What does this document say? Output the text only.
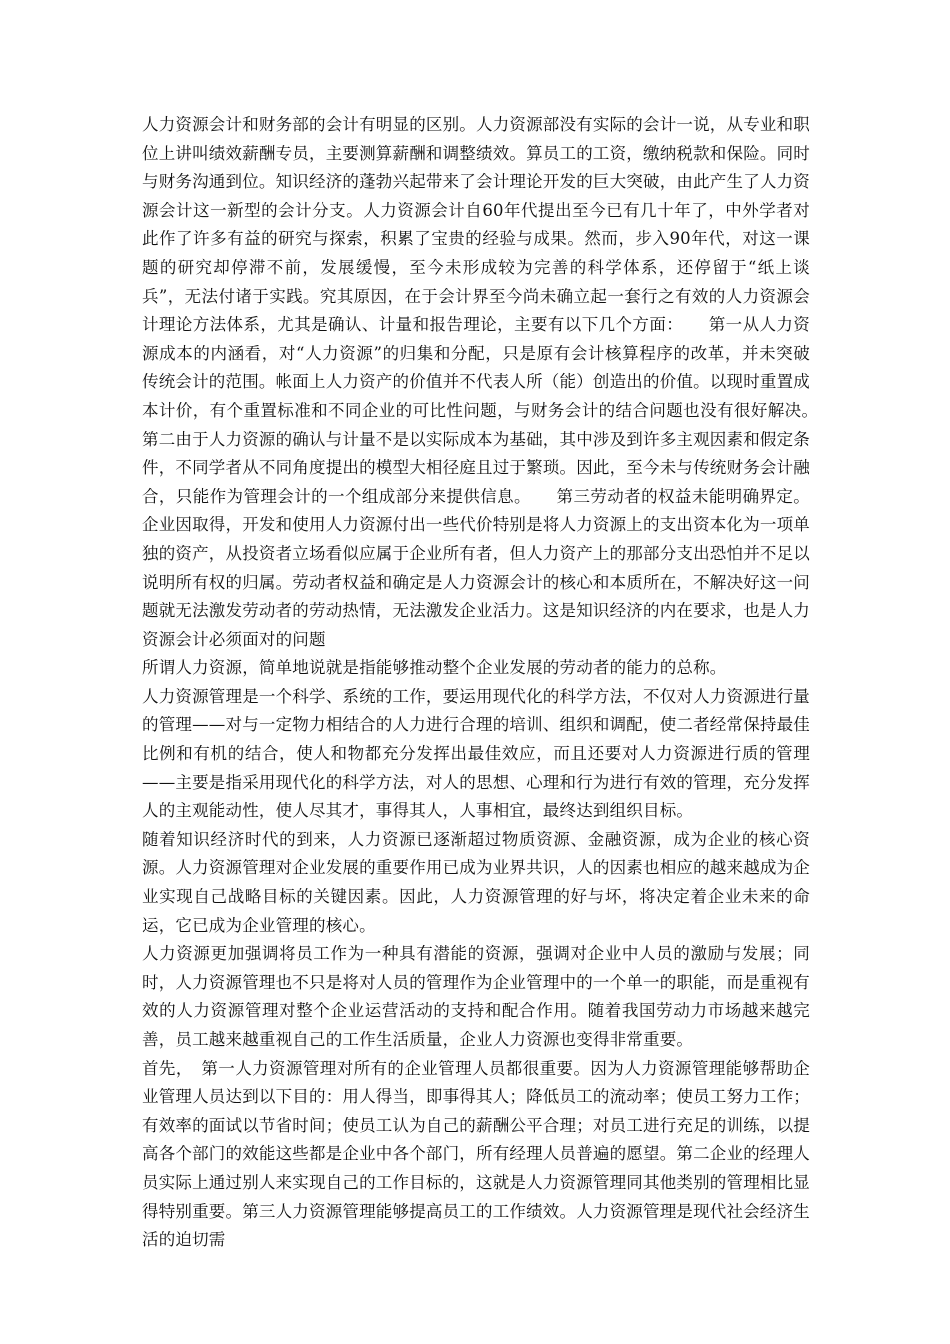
人力资源会计和财务部的会计有明显的区别。人力资源部没有实际的会计一说，从专业和职位上讲叫绩效薪酬专员，主要测算薪酬和调整绩效。算员工的工资，缴纳税款和保险。同时与财务沟通到位。知识经济的蓬勃兴起带来了会计理论开发的巨大突破，由此产生了人力资源会计这一新型的会计分支。人力资源会计自60年代提出至今已有几十年了，中外学者对此作了许多有益的研究与探索，积累了宝贵的经验与成果。然而，步入90年代，对这一课题的研究却停滞不前，发展缓慢，至今未形成较为完善的科学体系，还停留于“纸上谈兵”，无法付诸于实践。究其原因，在于会计界至今尚未确立起一套行之有效的人力资源会计理论方法体系，尤其是确认、计量和报告理论，主要有以下几个方面：　　第一从人力资源成本的内涵看，对“人力资源”的归集和分配，只是原有会计核算程序的改革，并未突破传统会计的范围。帐面上人力资产的价值并不代表人所（能）创造出的价值。以现时重置成本计价，有个重置标准和不同企业的可比性问题，与财务会计的结合问题也没有很好解决。　　第二由于人力资源的确认与计量不是以实际成本为基础，其中涉及到许多主观因素和假定条件，不同学者从不同角度提出的模型大相径庭且过于繁琐。因此，至今未与传统财务会计融合，只能作为管理会计的一个组成部分来提供信息。　　第三劳动者的权益未能明确界定。企业因取得，开发和使用人力资源付出一些代价特别是将人力资源上的支出资本化为一项单独的资产，从投资者立场看似应属于企业所有者，但人力资产上的那部分支出恐怕并不足以说明所有权的归属。劳动者权益和确定是人力资源会计的核心和本质所在，不解决好这一问题就无法激发劳动者的劳动热情，无法激发企业活力。这是知识经济的内在要求，也是人力资源会计必须面对的问题

所谓人力资源，简单地说就是指能够推动整个企业发展的劳动者的能力的总称。

人力资源管理是一个科学、系统的工作，要运用现代化的科学方法，不仅对人力资源进行量的管理——对与一定物力相结合的人力进行合理的培训、组织和调配，使二者经常保持最佳比例和有机的结合，使人和物都充分发挥出最佳效应，而且还要对人力资源进行质的管理——主要是指采用现代化的科学方法，对人的思想、心理和行为进行有效的管理，充分发挥人的主观能动性，使人尽其才，事得其人，人事相宜，最终达到组织目标。

随着知识经济时代的到来，人力资源已逐渐超过物质资源、金融资源，成为企业的核心资源。人力资源管理对企业发展的重要作用已成为业界共识，人的因素也相应的越来越成为企业实现自己战略目标的关键因素。因此，人力资源管理的好与坏，将决定着企业未来的命运，它已成为企业管理的核心。

人力资源更加强调将员工作为一种具有潜能的资源，强调对企业中人员的激励与发展；同时，人力资源管理也不只是将对人员的管理作为企业管理中的一个单一的职能，而是重视有效的人力资源管理对整个企业运营活动的支持和配合作用。随着我国劳动力市场越来越完善，员工越来越重视自己的工作生活质量，企业人力资源也变得非常重要。

首先，　第一人力资源管理对所有的企业管理人员都很重要。因为人力资源管理能够帮助企业管理人员达到以下目的：用人得当，即事得其人；降低员工的流动率；使员工努力工作；有效率的面试以节省时间；使员工认为自己的薪酬公平合理；对员工进行充足的训练，以提高各个部门的效能这些都是企业中各个部门，所有经理人员普遍的愿望。第二企业的经理人员实际上通过别人来实现自己的工作目标的，这就是人力资源管理同其他类别的管理相比显得特别重要。第三人力资源管理能够提高员工的工作绩效。人力资源管理是现代社会经济生活的迫切需
